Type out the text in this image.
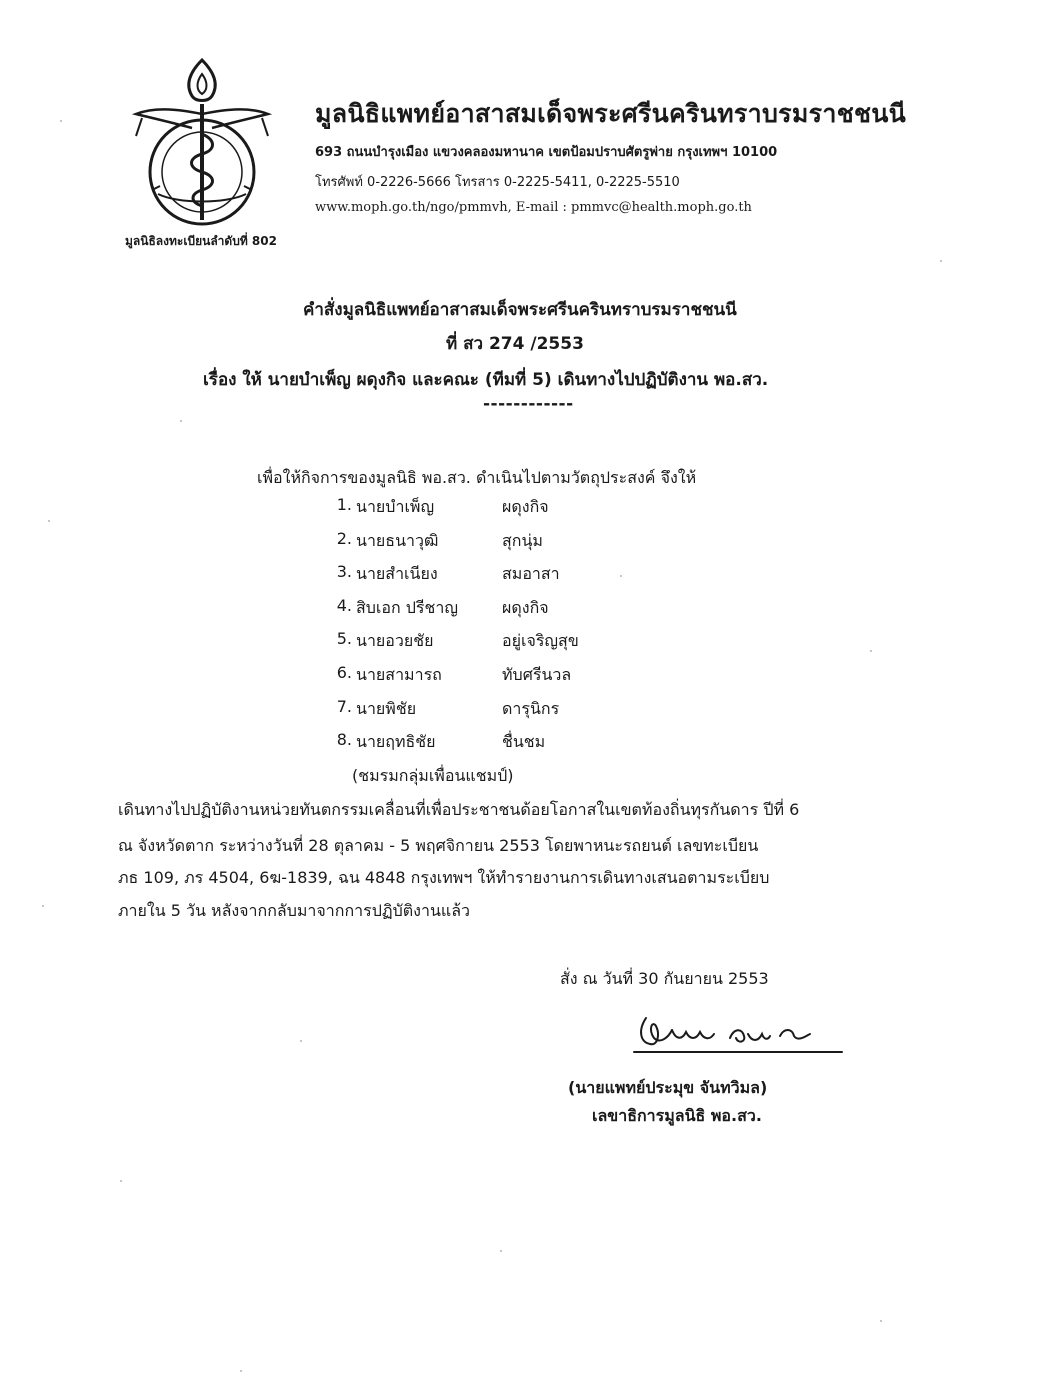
มูลนิธิลงทะเบียนลำดับที่ 802
มูลนิธิแพทย์อาสาสมเด็จพระศรีนครินทราบรมราชชนนี
693 ถนนบำรุงเมือง แขวงคลองมหานาค เขตป้อมปราบศัตรูพ่าย กรุงเทพฯ 10100
โทรศัพท์ 0-2226-5666 โทรสาร 0-2225-5411, 0-2225-5510
www.moph.go.th/ngo/pmmvh, E-mail : pmmvc@health.moph.go.th
คำสั่งมูลนิธิแพทย์อาสาสมเด็จพระศรีนครินทราบรมราชชนนี
ที่ สว 274 /2553
เรื่อง ให้ นายบำเพ็ญ ผดุงกิจ และคณะ (ทีมที่ 5) เดินทางไปปฏิบัติงาน พอ.สว.
------------
เพื่อให้กิจการของมูลนิธิ พอ.สว. ดำเนินไปตามวัตถุประสงค์ จึงให้
1. นายบำเพ็ญ	ผดุงกิจ
2. นายธนาวุฒิ	สุกนุ่ม
3. นายสำเนียง	สมอาสา
4. สิบเอก ปรีชาญ	ผดุงกิจ
5. นายอวยชัย	อยู่เจริญสุข
6. นายสามารถ	ทับศรีนวล
7. นายพิชัย	ดารุนิกร
8. นายฤทธิชัย	ชื่นชม
(ชมรมกลุ่มเพื่อนแชมป์)
เดินทางไปปฏิบัติงานหน่วยทันตกรรมเคลื่อนที่เพื่อประชาชนด้อยโอกาสในเขตท้องถิ่นทุรกันดาร ปีที่ 6
ณ จังหวัดตาก ระหว่างวันที่ 28 ตุลาคม - 5 พฤศจิกายน 2553 โดยพาหนะรถยนต์ เลขทะเบียน
ภธ 109, ภร 4504, 6ฆ-1839, ฉน 4848 กรุงเทพฯ ให้ทำรายงานการเดินทางเสนอตามระเบียบ
ภายใน 5 วัน หลังจากกลับมาจากการปฏิบัติงานแล้ว
สั่ง ณ วันที่ 30 กันยายน 2553
(นายแพทย์ประมุข จันทวิมล)
เลขาธิการมูลนิธิ พอ.สว.
